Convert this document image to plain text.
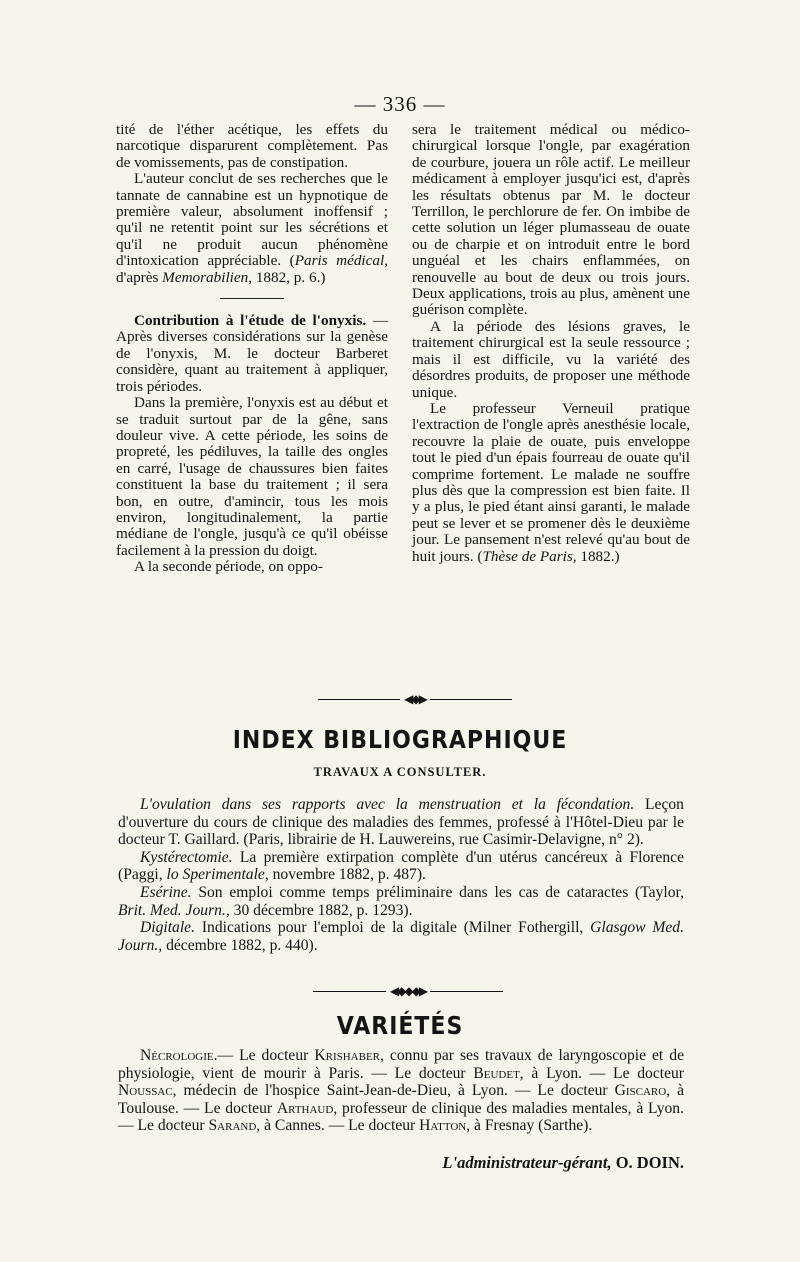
— 336 —

tité de l'éther acétique, les effets du narcotique disparurent complètement. Pas de vomissements, pas de constipation.

L'auteur conclut de ses recherches que le tannate de cannabine est un hypnotique de première valeur, absolument inoffensif ; qu'il ne retentit point sur les sécrétions et qu'il ne produit aucun phénomène d'intoxication appréciable. (Paris médical, d'après Memorabilien, 1882, p. 6.)

Contribution à l'étude de l'onyxis. — Après diverses considérations sur la genèse de l'onyxis, M. le docteur Barberet considère, quant au traitement à appliquer, trois périodes.

Dans la première, l'onyxis est au début et se traduit surtout par de la gêne, sans douleur vive. A cette période, les soins de propreté, les pédiluves, la taille des ongles en carré, l'usage de chaussures bien faites constituent la base du traitement ; il sera bon, en outre, d'amincir, tous les mois environ, longitudinalement, la partie médiane de l'ongle, jusqu'à ce qu'il obéisse facilement à la pression du doigt.

A la seconde période, on oppo-

sera le traitement médical ou médico-chirurgical lorsque l'ongle, par exagération de courbure, jouera un rôle actif. Le meilleur médicament à employer jusqu'ici est, d'après les résultats obtenus par M. le docteur Terrillon, le perchlorure de fer. On imbibe de cette solution un léger plumasseau de ouate ou de charpie et on introduit entre le bord unguéal et les chairs enflammées, on renouvelle au bout de deux ou trois jours. Deux applications, trois au plus, amènent une guérison complète.

A la période des lésions graves, le traitement chirurgical est la seule ressource ; mais il est difficile, vu la variété des désordres produits, de proposer une méthode unique.

Le professeur Verneuil pratique l'extraction de l'ongle après anesthésie locale, recouvre la plaie de ouate, puis enveloppe tout le pied d'un épais fourreau de ouate qu'il comprime fortement. Le malade ne souffre plus dès que la compression est bien faite. Il y a plus, le pied étant ainsi garanti, le malade peut se lever et se promener dès le deuxième jour. Le pansement n'est relevé qu'au bout de huit jours. (Thèse de Paris, 1882.)

◀◆▶
INDEX BIBLIOGRAPHIQUE
TRAVAUX A CONSULTER.

L'ovulation dans ses rapports avec la menstruation et la fécondation. Leçon d'ouverture du cours de clinique des maladies des femmes, professé à l'Hôtel-Dieu par le docteur T. Gaillard. (Paris, librairie de H. Lauwereins, rue Casimir-Delavigne, n° 2).

Kystérectomie. La première extirpation complète d'un utérus cancéreux à Florence (Paggi, lo Sperimentale, novembre 1882, p. 487).

Esérine. Son emploi comme temps préliminaire dans les cas de cataractes (Taylor, Brit. Med. Journ., 30 décembre 1882, p. 1293).

Digitale. Indications pour l'emploi de la digitale (Milner Fothergill, Glasgow Med. Journ., décembre 1882, p. 440).

◀◆◆◆▶
VARIÉTÉS

Nécrologie.— Le docteur Krishaber, connu par ses travaux de laryngoscopie et de physiologie, vient de mourir à Paris. — Le docteur Beudet, à Lyon. — Le docteur Noussac, médecin de l'hospice Saint-Jean-de-Dieu, à Lyon. — Le docteur Giscaro, à Toulouse. — Le docteur Arthaud, professeur de clinique des maladies mentales, à Lyon. — Le docteur Sarand, à Cannes. — Le docteur Hatton, à Fresnay (Sarthe).

L'administrateur-gérant, O. DOIN.
